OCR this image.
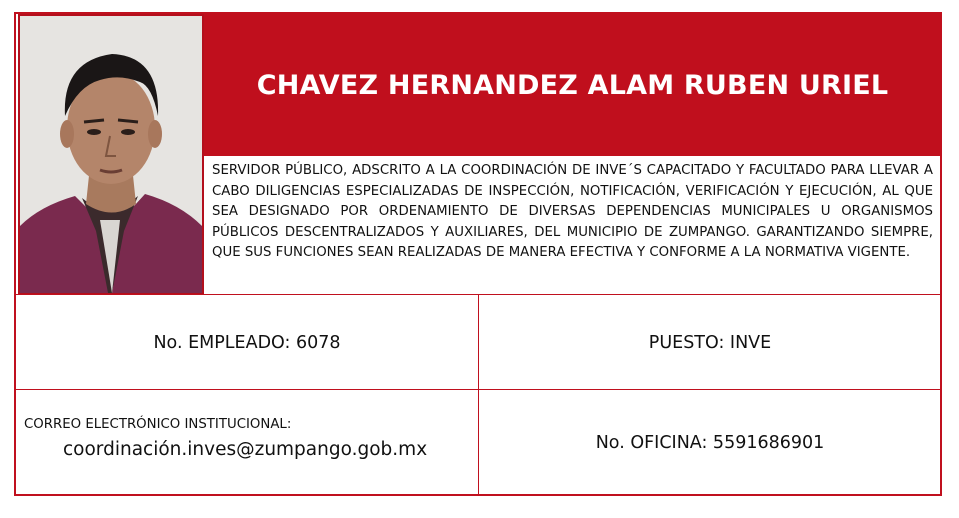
CHAVEZ HERNANDEZ ALAM RUBEN URIEL

SERVIDOR PÚBLICO, ADSCRITO A LA COORDINACIÓN DE INVE´S CAPACITADO Y FACULTADO PARA LLEVAR A CABO DILIGENCIAS ESPECIALIZADAS DE INSPECCIÓN, NOTIFICACIÓN, VERIFICACIÓN Y EJECUCIÓN, AL QUE SEA DESIGNADO POR ORDENAMIENTO DE DIVERSAS DEPENDENCIAS MUNICIPALES U ORGANISMOS PÚBLICOS DESCENTRALIZADOS Y AUXILIARES, DEL MUNICIPIO DE ZUMPANGO. GARANTIZANDO SIEMPRE, QUE SUS FUNCIONES SEAN REALIZADAS DE MANERA EFECTIVA Y CONFORME A LA NORMATIVA VIGENTE.

No. EMPLEADO: 6078	PUESTO: INVE
CORREO ELECTRÓNICO INSTITUCIONAL:
coordinación.inves@zumpango.gob.mx	No. OFICINA: 5591686901
